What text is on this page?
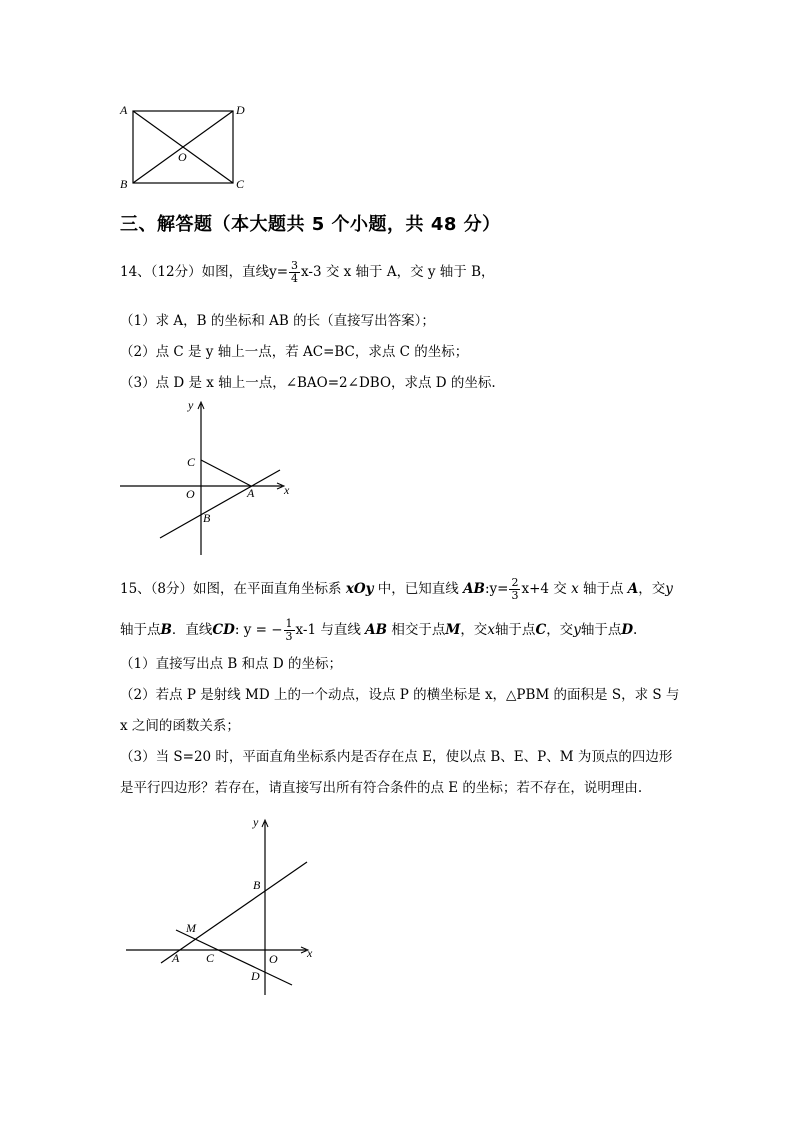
A	D
O
B	C
三、解答题（本大题共 5 个小题，共 48 分）
14、（12分）如图，直线$y= \frac{3}{4} x-3$ 交 x 轴于 A，交 y 轴于 B，
（1）求 A，B 的坐标和 AB 的长（直接写出答案）；
（2）点 C 是 y 轴上一点，若 AC=BC，求点 C 的坐标；
（3）点 D 是 x 轴上一点，∠BAO=2∠DBO，求点 D 的坐标.
y
x
C
O	A
B
15、（8分）如图，在平面直角坐标系 xOy 中，已知直线 AB:y= $\frac{2}{3} x+4$ 交 x 轴于点 A，交y
轴于点B．直线CD: y = − $\frac{1}{3} x-1$ 与直线 AB 相交于点M，交x轴于点C，交y轴于点D.
（1）直接写出点 B 和点 D 的坐标；
（2）若点 P 是射线 MD 上的一个动点，设点 P 的横坐标是 x，△PBM 的面积是 S，求 S 与
x 之间的函数关系；
（3）当 S=20 时，平面直角坐标系内是否存在点 E，使以点 B、E、P、M 为顶点的四边形
是平行四边形？若存在，请直接写出所有符合条件的点 E 的坐标；若不存在，说明理由.
y
x
B
M
A C	O
D
